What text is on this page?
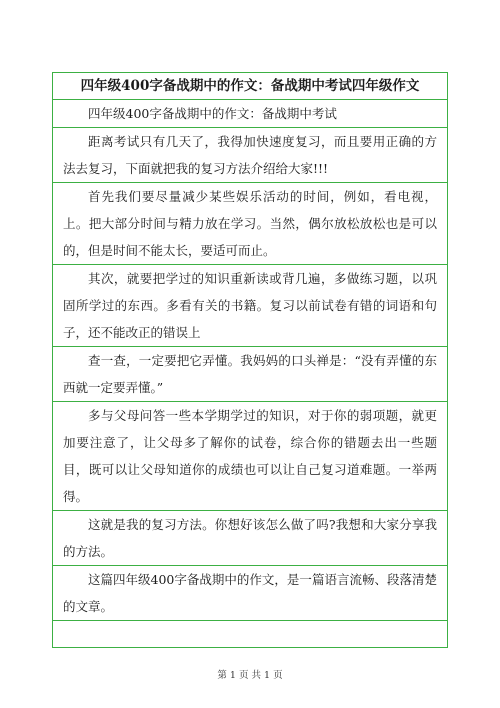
四年级400字备战期中的作文：备战期中考试四年级作文
四年级400字备战期中的作文：备战期中考试
距离考试只有几天了，我得加快速度复习，而且要用正确的方法去复习，下面就把我的复习方法介绍给大家!!!
首先我们要尽量减少某些娱乐活动的时间，例如，看电视，上。把大部分时间与精力放在学习。当然，偶尔放松放松也是可以的，但是时间不能太长，要适可而止。
其次，就要把学过的知识重新读或背几遍，多做练习题，以巩固所学过的东西。多看有关的书籍。复习以前试卷有错的词语和句子，还不能改正的错误上
查一查，一定要把它弄懂。我妈妈的口头禅是：“没有弄懂的东西就一定要弄懂。”
多与父母问答一些本学期学过的知识，对于你的弱项题，就更加要注意了，让父母多了解你的试卷，综合你的错题去出一些题目，既可以让父母知道你的成绩也可以让自己复习道难题。一举两得。
这就是我的复习方法。你想好该怎么做了吗?我想和大家分享我的方法。
这篇四年级400字备战期中的作文，是一篇语言流畅、段落清楚的文章。
第 1 页 共 1 页
